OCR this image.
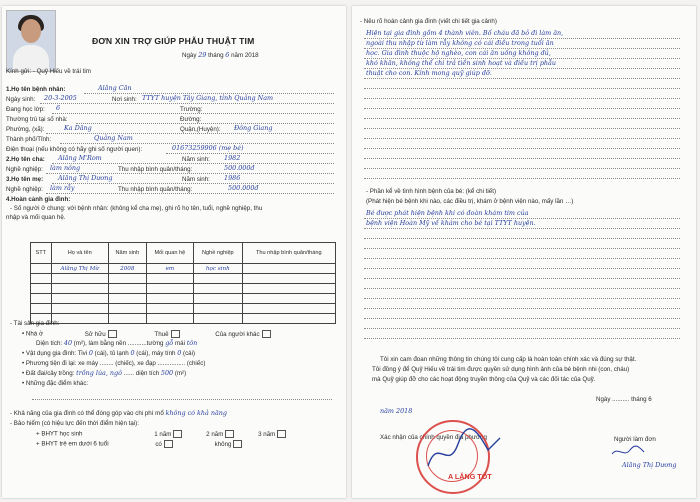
ĐƠN XIN TRỢ GIÚP PHẪU THUẬT TIM
Ngày 29 tháng 6 năm 2018
Kính gửi: - Quỹ Hiếu về trái tim
1.Họ tên bệnh nhân:	Alăng Căn
Ngày sinh: 20-3-2005	Nơi sinh: TTYT huyện Tây Giang, tỉnh Quảng Nam
Đang học lớp: 6	Trường:
Thường trú tại số nhà:	Đường:
Phường, (xã):	Ka Dăng	Quận,(Huyện): Đông Giang
Thành phố/Tỉnh:	Quảng Nam
Điện thoại (nếu không có hãy ghi số người quen):	01673259906 (mẹ bé)
2.Họ tên cha: Alăng M'Rom	Năm sinh: 1982
Nghề nghiệp: làm nông	Thu nhập bình quân/tháng:	500.000đ
3.Họ tên mẹ: Alăng Thị Dương	Năm sinh: 1986
Nghề nghiệp: làm rẫy	Thu nhập bình quân/tháng:	500.000đ
4.Hoàn cảnh gia đình:
- Số người ở chung: với bệnh nhân: (không kể cha mẹ), ghi rõ họ tên, tuổi, nghề nghiệp, thu
nhập và mối quan hệ.
STT	Họ và tên	Năm sinh	Mối quan hệ	Nghề nghiệp	Thu nhập bình quân/tháng
	Alăng Thị Mừ	2008	em	học sinh	

- Tài sản gia đình:
• Nhà ở	Sở hữu	Thuê	Của người khác
Diện tích: 40 (m²), làm bằng nền ...........tường gỗ mái tôn
• Vật dụng gia đình: Tivi 0 (cái), tủ lạnh 0 (cái), máy tính 0 (cái)
• Phương tiện đi lại: xe máy ........ (chiếc), xe đạp ................ (chiếc)
• Đất đai/cây trồng: trồng lúa, ngô ...... diện tích 500 (m²)
• Những đặc điểm khác:
- Khả năng của gia đình có thể đóng góp vào chi phí mổ không có khả năng
- Bảo hiểm (có hiệu lực đến thời điểm hiện tại):
+ BHYT học sinh	1 năm	2 năm	3 năm
+ BHYT trẻ em dưới 6 tuổi	có	không
- Nêu rõ hoàn cảnh gia đình (viết chi tiết gia cảnh)
Hiện tại gia đình gồm 4 thành viên. Bố cháu đã bỏ đi làm ăn,
ngoài thu nhập từ làm rẫy không có cái điều trong tuổi ăn
học. Gia đình thuộc hộ nghèo, con cái ăn uống không đủ,
khó khăn, không thể chi trả tiền sinh hoạt và điều trị phẫu
thuật cho con. Kính mong quỹ giúp đỡ.
- Phần kể về tình hình bệnh của bé: (kể chi tiết)
(Phát hiện bé bệnh khi nào, các điều trị, khám ở bệnh viện nào, mấy lần …)
Bé được phát hiện bệnh khi có đoàn khám tim của
bệnh viện Hoàn Mỹ về khám cho bé tại TTYT huyện.
Tôi xin cam đoan những thông tin chúng tôi cung cấp là hoàn toàn chính xác và đúng sự thật.
Tôi đồng ý để Quỹ Hiếu về trái tim được quyền sử dụng hình ảnh của bé bệnh nhi (con, cháu)
mà Quỹ giúp đỡ cho các hoạt động truyền thông của Quỹ và các đối tác của Quỹ.
Ngày .......... tháng 6
năm 2018
Xác nhận của chính quyền địa phương	Người làm đơn
Alăng Thị Dương
A LĂNG TỐT
